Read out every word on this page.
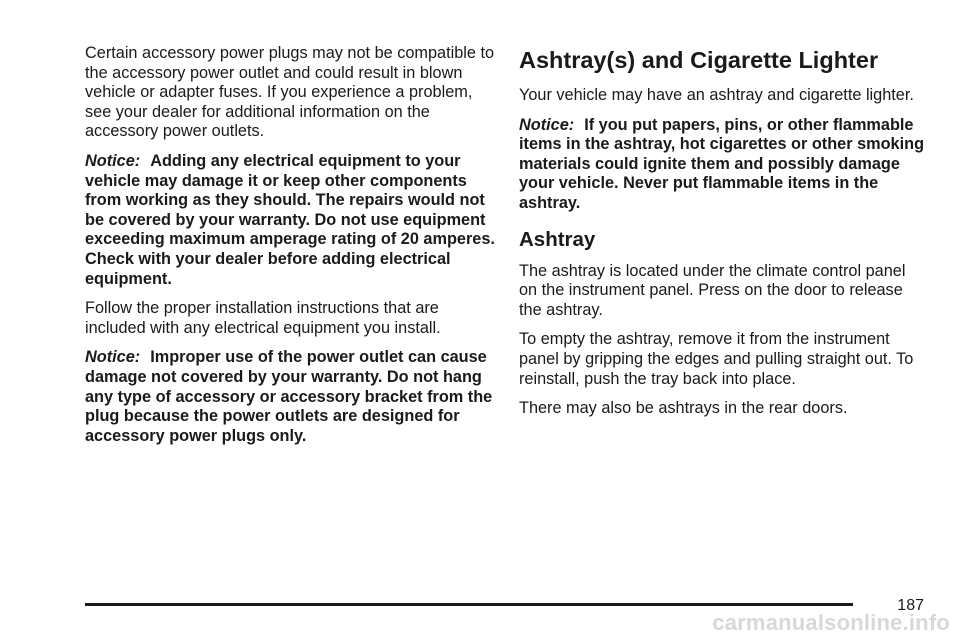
Certain accessory power plugs may not be compatible to the accessory power outlet and could result in blown vehicle or adapter fuses. If you experience a problem, see your dealer for additional information on the accessory power outlets.

Notice: Adding any electrical equipment to your vehicle may damage it or keep other components from working as they should. The repairs would not be covered by your warranty. Do not use equipment exceeding maximum amperage rating of 20 amperes. Check with your dealer before adding electrical equipment.

Follow the proper installation instructions that are included with any electrical equipment you install.

Notice: Improper use of the power outlet can cause damage not covered by your warranty. Do not hang any type of accessory or accessory bracket from the plug because the power outlets are designed for accessory power plugs only.

Ashtray(s) and Cigarette Lighter

Your vehicle may have an ashtray and cigarette lighter.

Notice: If you put papers, pins, or other flammable items in the ashtray, hot cigarettes or other smoking materials could ignite them and possibly damage your vehicle. Never put flammable items in the ashtray.

Ashtray

The ashtray is located under the climate control panel on the instrument panel. Press on the door to release the ashtray.

To empty the ashtray, remove it from the instrument panel by gripping the edges and pulling straight out. To reinstall, push the tray back into place.

There may also be ashtrays in the rear doors.

187
carmanualsonline.info
